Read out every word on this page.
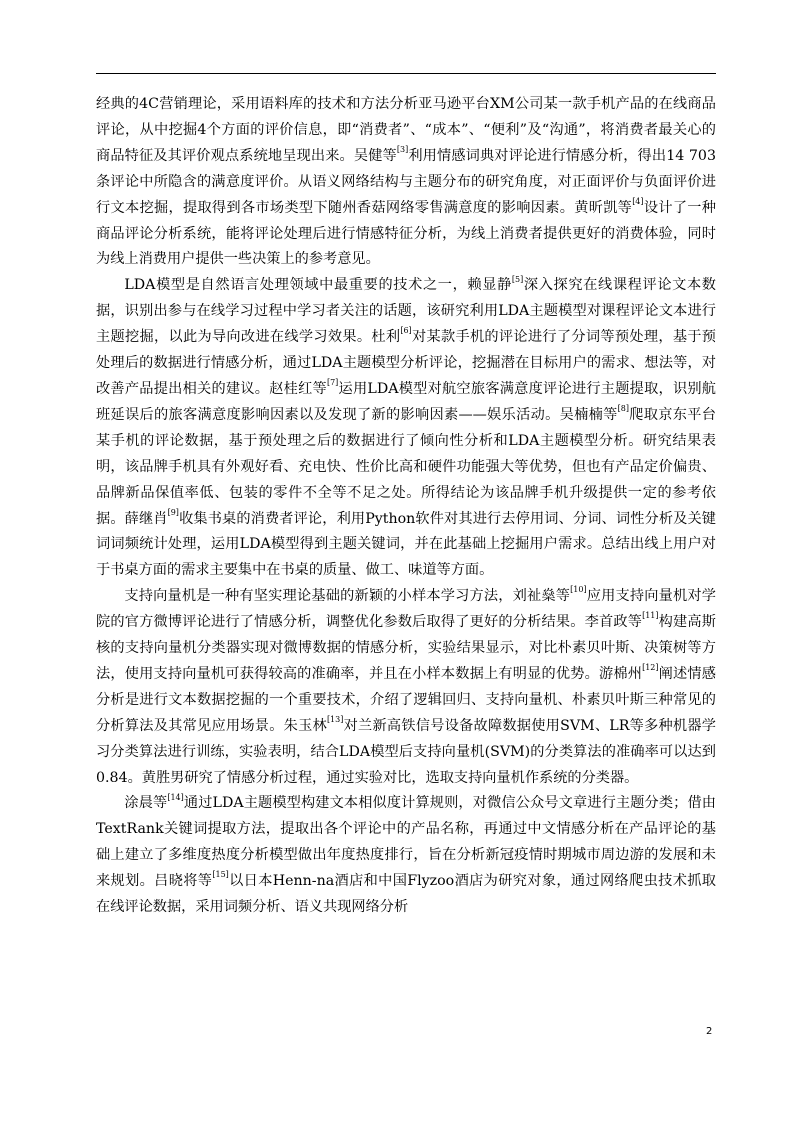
经典的4C营销理论，采用语料库的技术和方法分析亚马逊平台XM公司某一款手机产品的在线商品评论，从中挖掘4个方面的评价信息，即“消费者”、“成本”、“便利”及“沟通”，将消费者最关心的商品特征及其评价观点系统地呈现出来。吴健等[3]利用情感词典对评论进行情感分析，得出14 703条评论中所隐含的满意度评价。从语义网络结构与主题分布的研究角度，对正面评价与负面评价进行文本挖掘，提取得到各市场类型下随州香菇网络零售满意度的影响因素。黄昕凯等[4]设计了一种商品评论分析系统，能将评论处理后进行情感特征分析，为线上消费者提供更好的消费体验，同时为线上消费用户提供一些决策上的参考意见。

LDA模型是自然语言处理领域中最重要的技术之一，赖显静[5]深入探究在线课程评论文本数据，识别出参与在线学习过程中学习者关注的话题，该研究利用LDA主题模型对课程评论文本进行主题挖掘，以此为导向改进在线学习效果。杜利[6]对某款手机的评论进行了分词等预处理，基于预处理后的数据进行情感分析，通过LDA主题模型分析评论，挖掘潜在目标用户的需求、想法等，对改善产品提出相关的建议。赵桂红等[7]运用LDA模型对航空旅客满意度评论进行主题提取，识别航班延误后的旅客满意度影响因素以及发现了新的影响因素——娱乐活动。吴楠楠等[8]爬取京东平台某手机的评论数据，基于预处理之后的数据进行了倾向性分析和LDA主题模型分析。研究结果表明，该品牌手机具有外观好看、充电快、性价比高和硬件功能强大等优势，但也有产品定价偏贵、品牌新品保值率低、包装的零件不全等不足之处。所得结论为该品牌手机升级提供一定的参考依据。薛继肖[9]收集书桌的消费者评论，利用Python软件对其进行去停用词、分词、词性分析及关键词词频统计处理，运用LDA模型得到主题关键词，并在此基础上挖掘用户需求。总结出线上用户对于书桌方面的需求主要集中在书桌的质量、做工、味道等方面。

支持向量机是一种有坚实理论基础的新颖的小样本学习方法，刘祉燊等[10]应用支持向量机对学院的官方微博评论进行了情感分析，调整优化参数后取得了更好的分析结果。李首政等[11]构建高斯核的支持向量机分类器实现对微博数据的情感分析，实验结果显示，对比朴素贝叶斯、决策树等方法，使用支持向量机可获得较高的准确率，并且在小样本数据上有明显的优势。游棉州[12]阐述情感分析是进行文本数据挖掘的一个重要技术，介绍了逻辑回归、支持向量机、朴素贝叶斯三种常见的分析算法及其常见应用场景。朱玉林[13]对兰新高铁信号设备故障数据使用SVM、LR等多种机器学习分类算法进行训练，实验表明，结合LDA模型后支持向量机(SVM)的分类算法的准确率可以达到0.84。黄胜男研究了情感分析过程，通过实验对比，选取支持向量机作系统的分类器。

涂晨等[14]通过LDA主题模型构建文本相似度计算规则，对微信公众号文章进行主题分类；借由TextRank关键词提取方法，提取出各个评论中的产品名称，再通过中文情感分析在产品评论的基础上建立了多维度热度分析模型做出年度热度排行，旨在分析新冠疫情时期城市周边游的发展和未来规划。吕晓将等[15]以日本Henn-na酒店和中国Flyzoo酒店为研究对象，通过网络爬虫技术抓取在线评论数据，采用词频分析、语义共现网络分析

2
